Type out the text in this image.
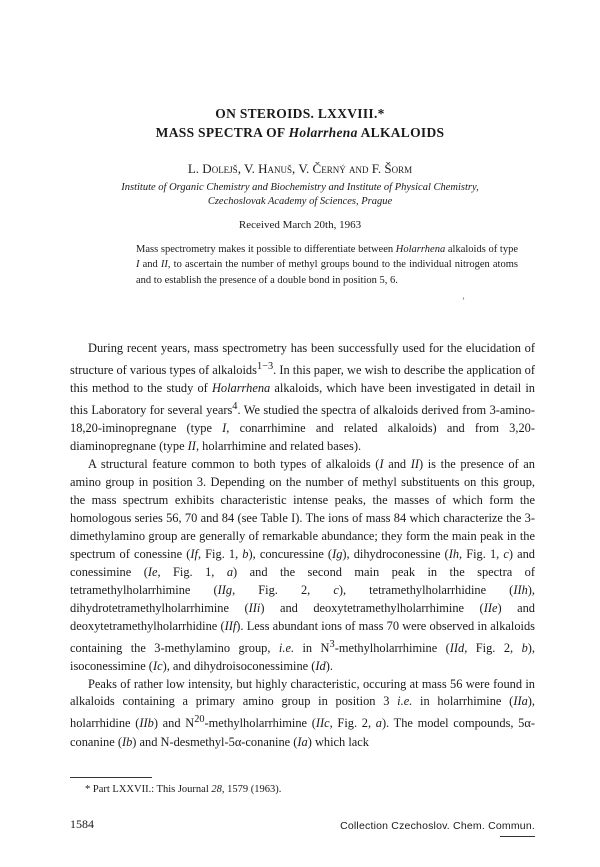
ON STEROIDS. LXXVIII.*
MASS SPECTRA OF Holarrhena ALKALOIDS
L. Dolejš, V. Hanuš, V. Černý and F. Šorm
Institute of Organic Chemistry and Biochemistry and Institute of Physical Chemistry,
Czechoslovak Academy of Sciences, Prague
Received March 20th, 1963
Mass spectrometry makes it possible to differentiate between Holarrhena alkaloids of type I and II, to ascertain the number of methyl groups bound to the individual nitrogen atoms and to establish the presence of a double bond in position 5, 6.
ʼ

During recent years, mass spectrometry has been successfully used for the elucidation of structure of various types of alkaloids$^{1-3}$. In this paper, we wish to describe the application of this method to the study of Holarrhena alkaloids, which have been investigated in detail in this Laboratory for several years$^4$. We studied the spectra of alkaloids derived from 3-amino-18,20-iminopregnane (type I, conarrhimine and related alkaloids) and from 3,20-diaminopregnane (type II, holarrhimine and related bases).

A structural feature common to both types of alkaloids (I and II) is the presence of an amino group in position 3. Depending on the number of methyl substituents on this group, the mass spectrum exhibits characteristic intense peaks, the masses of which form the homologous series 56, 70 and 84 (see Table I). The ions of mass 84 which characterize the 3-dimethylamino group are generally of remarkable abundance; they form the main peak in the spectrum of conessine (If, Fig. 1, b), concuressine (Ig), dihydroconessine (Ih, Fig. 1, c) and conessimine (Ie, Fig. 1, a) and the second main peak in the spectra of tetramethylholarrhimine (IIg, Fig. 2, c), tetramethylholarrhidine (IIh), dihydrotetramethylholarrhimine (IIi) and deoxytetramethylholarrhimine (IIe) and deoxytetramethylholarrhidine (IIf). Less abundant ions of mass 70 were observed in alkaloids containing the 3-methylamino group, i.e. in $N^3$-methylholarrhimine (IId, Fig. 2, b), isoconessimine (Ic), and dihydroisoconessimine (Id).

Peaks of rather low intensity, but highly characteristic, occuring at mass 56 were found in alkaloids containing a primary amino group in position 3 i.e. in holarrhimine (IIa), holarrhidine (IIb) and $N^{20}$-methylholarrhimine (IIc, Fig. 2, a). The model compounds, 5α-conanine (Ib) and N-desmethyl-5α-conanine (Ia) which lack

* Part LXXVII.: This Journal 28, 1579 (1963).
1584	Collection Czechoslov. Chem. Commun.
